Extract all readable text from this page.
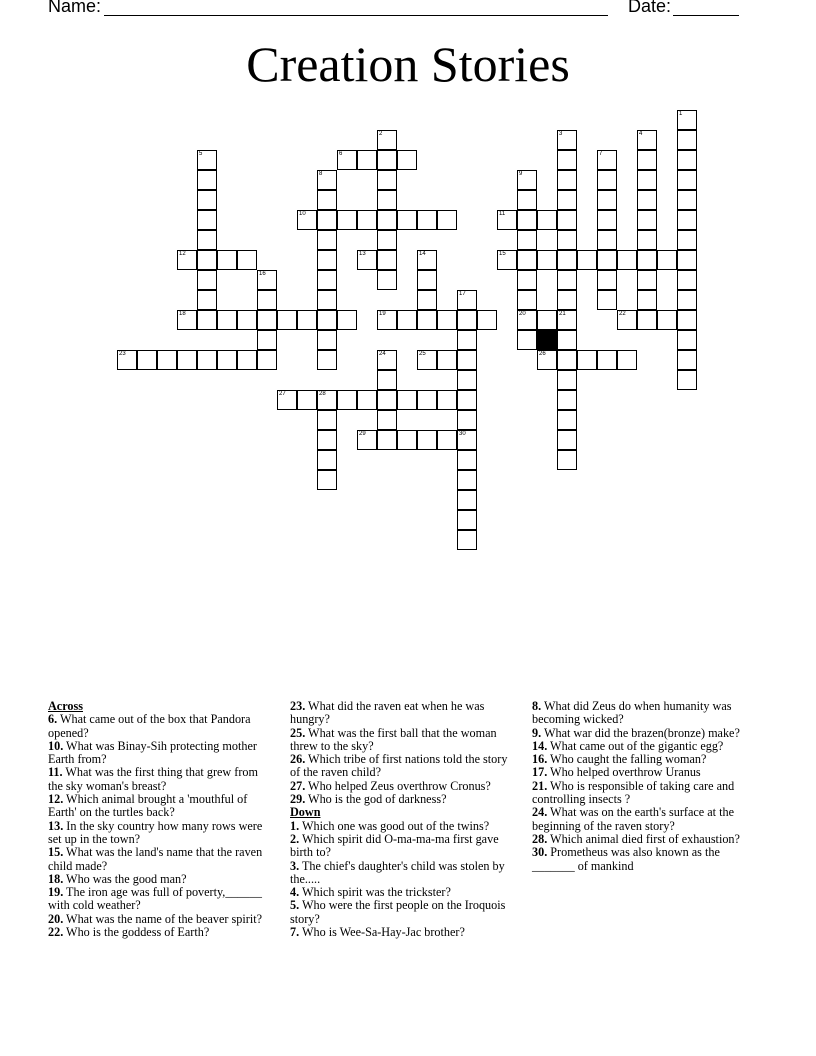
Name:	Date:
Creation Stories
1
2	3
21
4
5	6	7
8	9
20
10	11
12	13	14	15
16
17
18	19	22
23	24	25	26
27	28
29	30
Across
6. What came out of the box that Pandora opened?
10. What was Binay-Sih protecting mother Earth from?
11. What was the first thing that grew from the sky woman's breast?
12. Which animal brought a 'mouthful of Earth' on the turtles back?
13. In the sky country how many rows were set up in the town?
15. What was the land's name that the raven child made?
18. Who was the good man?
19. The iron age was full of poverty,______ with cold weather?
20. What was the name of the beaver spirit?
22. Who is the goddess of Earth?
23. What did the raven eat when he was hungry?
25. What was the first ball that the woman threw to the sky?
26. Which tribe of first nations told the story of the raven child?
27. Who helped Zeus overthrow Cronus?
29. Who is the god of darkness?
Down
1. Which one was good out of the twins?
2. Which spirit did O-ma-ma-ma first gave birth to?
3. The chief's daughter's child was stolen by the.....
4. Which spirit was the trickster?
5. Who were the first people on the Iroquois story?
7. Who is Wee-Sa-Hay-Jac brother?
8. What did Zeus do when humanity was becoming wicked?
9. What war did the brazen(bronze) make?
14. What came out of the gigantic egg?
16. Who caught the falling woman?
17. Who helped overthrow Uranus
21. Who is responsible of taking care and controlling insects ?
24. What was on the earth's surface at the beginning of the raven story?
28. Which animal died first of exhaustion?
30. Prometheus was also known as the _______ of mankind
